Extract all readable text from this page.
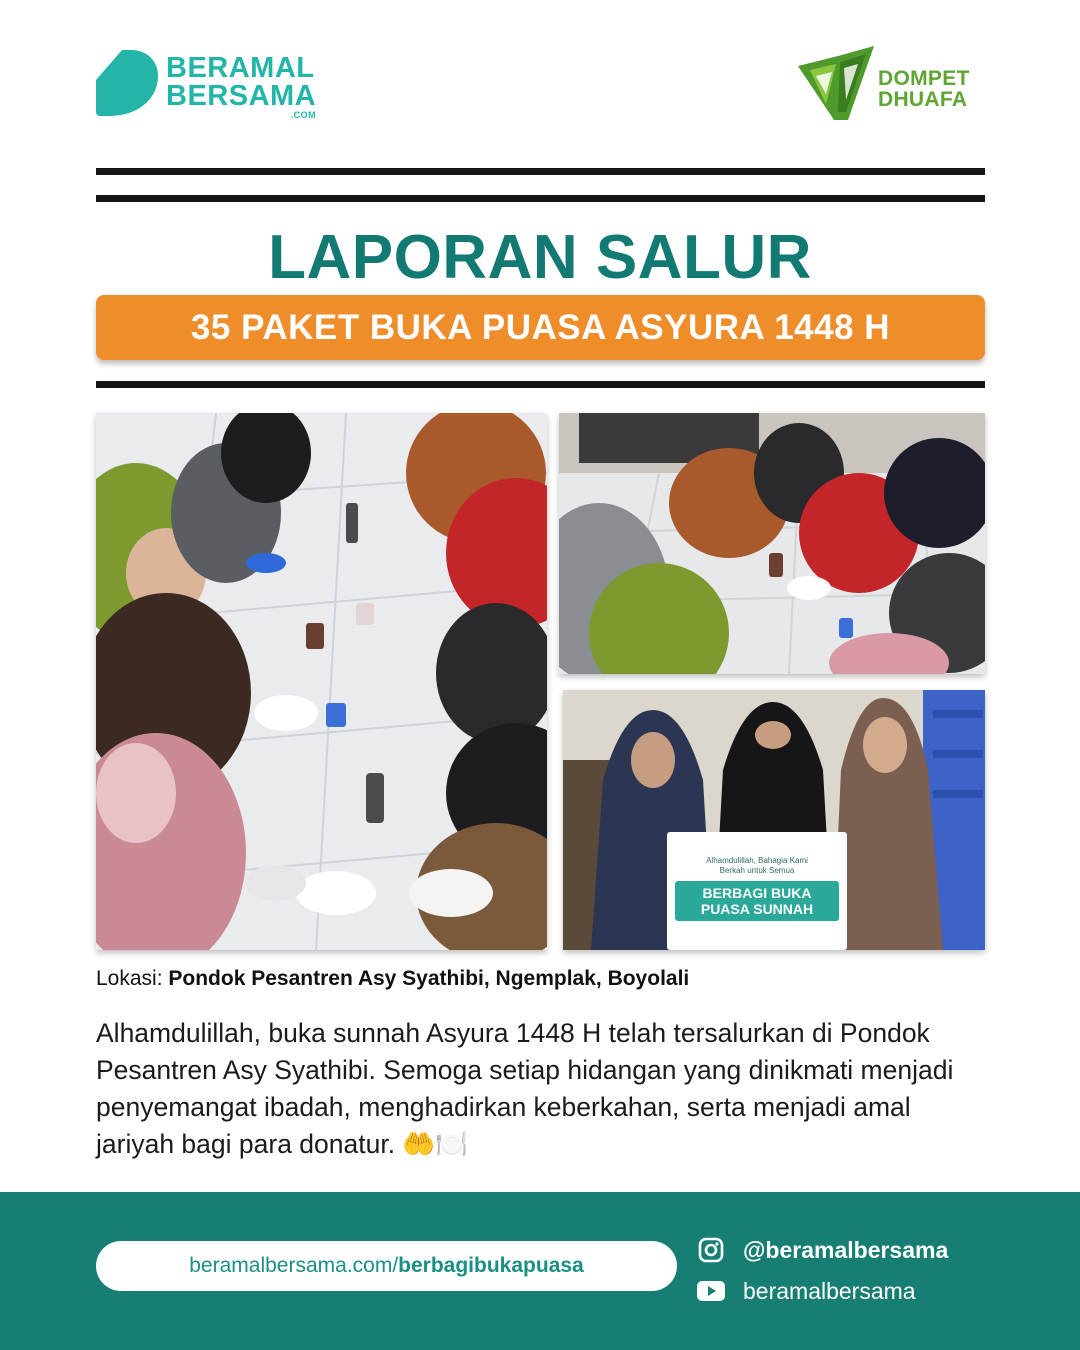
BERAMAL
BERSAMA
.COM
DOMPET
DHUAFA
LAPORAN SALUR
35 PAKET BUKA PUASA ASYURA 1448 H
Alhamdulillah, Bahagia Kami
Berkah untuk Semua
BERBAGI BUKA
PUASA SUNNAH

Lokasi: Pondok Pesantren Asy Syathibi, Ngemplak, Boyolali

Alhamdulillah, buka sunnah Asyura 1448 H telah tersalurkan di Pondok Pesantren Asy Syathibi. Semoga setiap hidangan yang dinikmati menjadi penyemangat ibadah, menghadirkan keberkahan, serta menjadi amal jariyah bagi para donatur. 🤲🍽️

beramalbersama.com/ berbagibukapuasa
@beramalbersama
beramalbersama
